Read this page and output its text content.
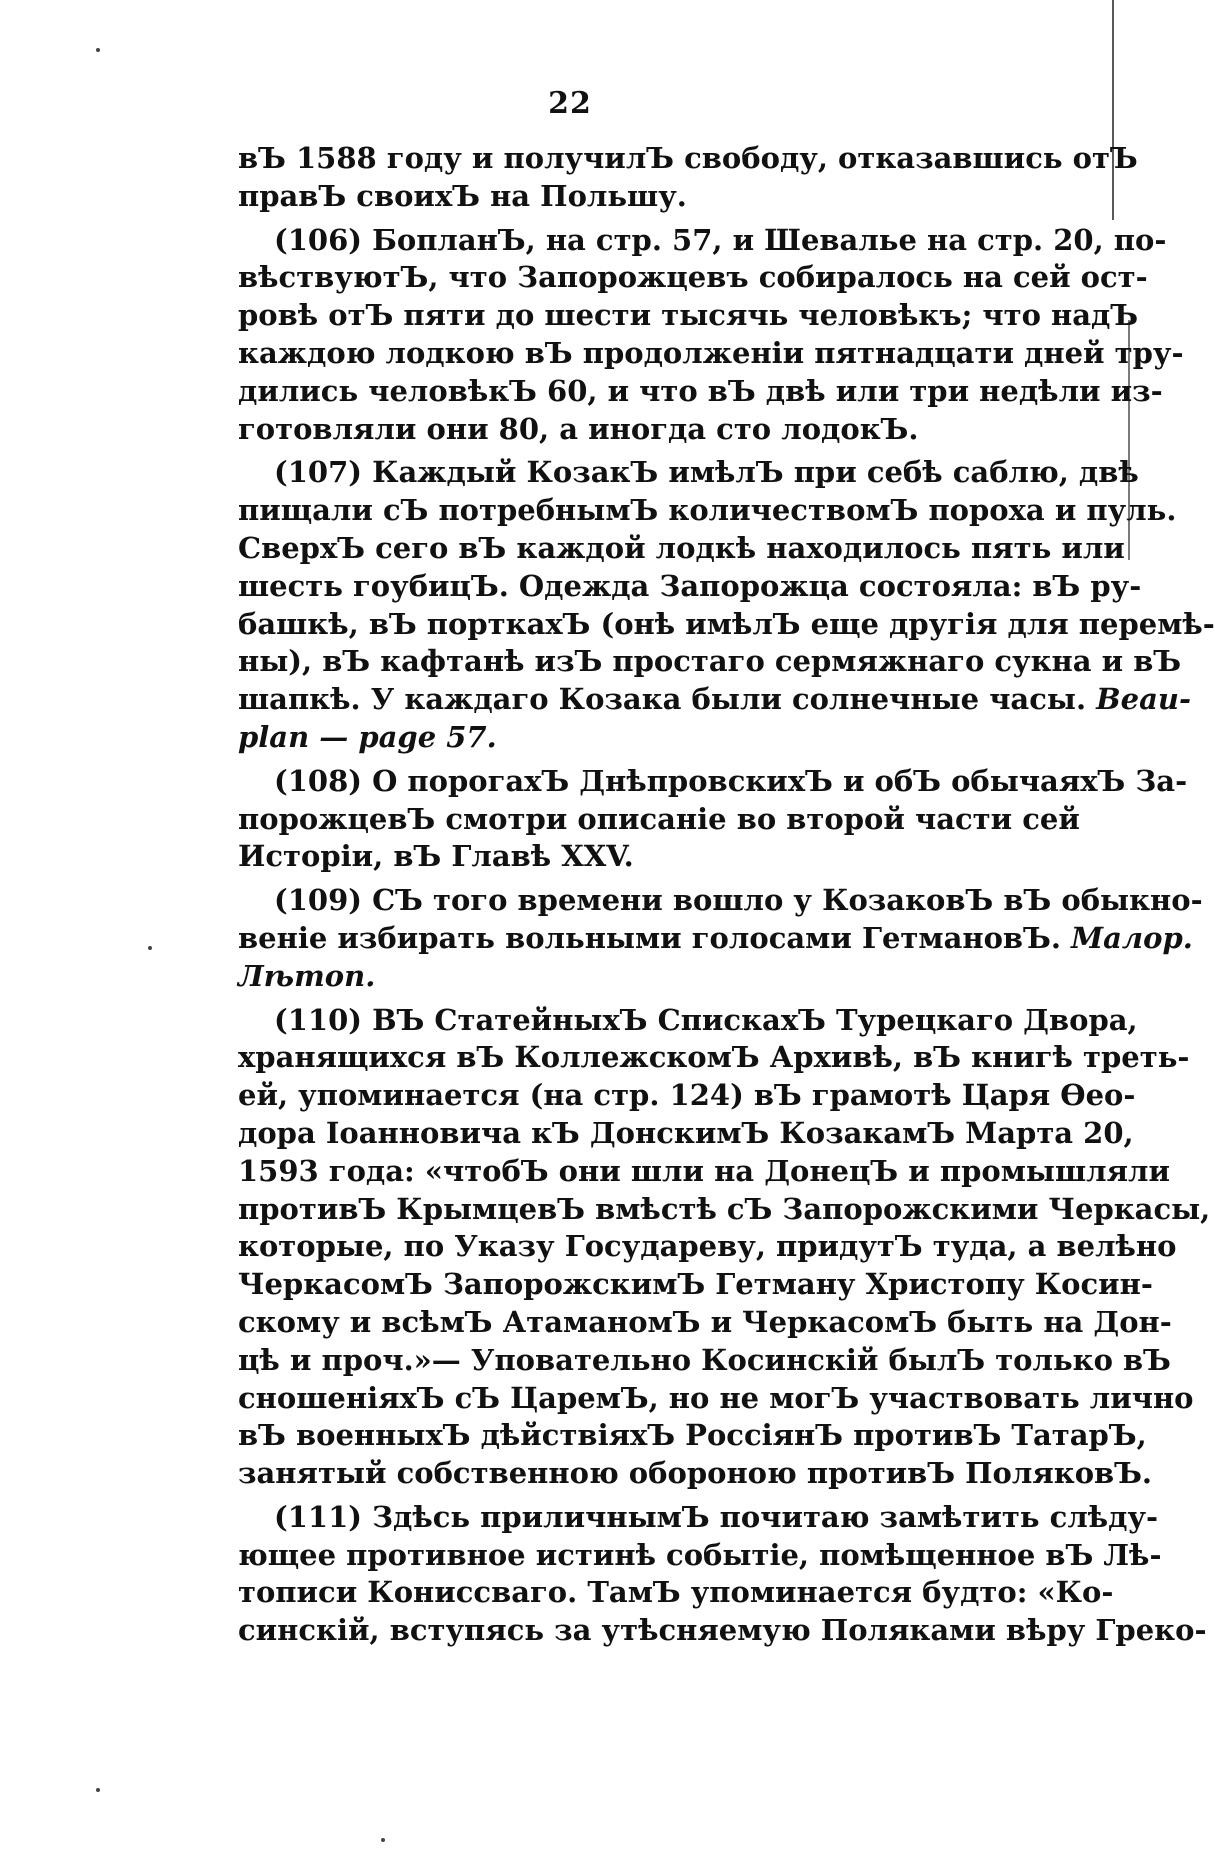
22
вЪ 1588 году и получилЪ свободу, отказавшись отЪ
правЪ своихЪ на Польшу.
(106) БопланЪ, на стр. 57, и Шевалье на стр. 20, по-
вѣствуютЪ, что Запорожцевъ собиралось на сей ост-
ровѣ отЪ пяти до шести тысячь человѣкъ; что надЪ
каждою лодкою вЪ продолженіи пятнадцати дней тру-
дились человѣкЪ 60, и что вЪ двѣ или три недѣли из-
готовляли они 80, а иногда сто лодокЪ.
(107) Каждый КозакЪ имѣлЪ при себѣ саблю, двѣ
пищали сЪ потребнымЪ количествомЪ пороха и пуль.
СверхЪ сего вЪ каждой лодкѣ находилось пять или
шесть гоубицЪ. Одежда Запорожца состояла: вЪ ру-
башкѣ, вЪ порткахЪ (онѣ имѣлЪ еще другія для перемѣ-
ны), вЪ кафтанѣ изЪ простаго сермяжнаго сукна и вЪ
шапкѣ. У каждаго Козака были солнечные часы. Beau-
plan — page 57.
(108) О порогахЪ ДнѣпровскихЪ и обЪ обычаяхЪ За-
порожцевЪ смотри описаніе во второй части сей
Исторіи, вЪ Главѣ XXV.
(109) СЪ того времени вошло у КозаковЪ вЪ обыкно-
веніе избирать вольными голосами ГетмановЪ. Малор.
Лѣтоп.
(110) ВЪ СтатейныхЪ СпискахЪ Турецкаго Двора,
хранящихся вЪ КоллежскомЪ Архивѣ, вЪ книгѣ треть-
ей, упоминается (на стр. 124) вЪ грамотѣ Царя Ѳео-
дора Іоанновича кЪ ДонскимЪ КозакамЪ Марта 20,
1593 года: «чтобЪ они шли на ДонецЪ и промышляли
противЪ КрымцевЪ вмѣстѣ сЪ Запорожскими Черкасы,
которые, по Указу Государеву, придутЪ туда, а велѣно
ЧеркасомЪ ЗапорожскимЪ Гетману Христопу Косин-
скому и всѣмЪ АтаманомЪ и ЧеркасомЪ быть на Дон-
цѣ и проч.»— Уповательно Косинскій былЪ только вЪ
сношеніяхЪ сЪ ЦаремЪ, но не могЪ участвовать лично
вЪ военныхЪ дѣйствіяхЪ РоссіянЪ противЪ ТатарЪ,
занятый собственною обороною противЪ ПоляковЪ.
(111) Здѣсь приличнымЪ почитаю замѣтить слѣду-
ющее противное истинѣ событіе, помѣщенное вЪ Лѣ-
тописи Кониссваго. ТамЪ упоминается будто: «Ко-
синскій, вступясь за утѣсняемую Поляками вѣру Греко-
